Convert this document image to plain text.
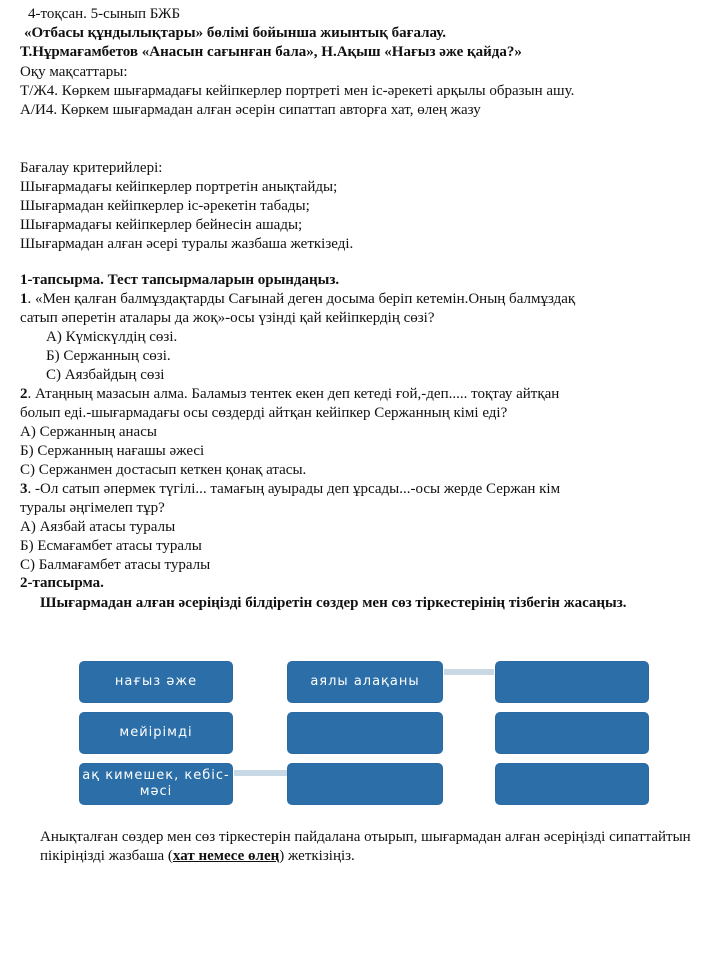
4-тоқсан. 5-сынып БЖБ
«Отбасы құндылықтары» бөлімі бойынша жиынтық бағалау.
Т.Нұрмағамбетов «Анасын сағынған бала», Н.Ақыш «Нағыз әже қайда?»
Оқу мақсаттары:
Т/Ж4. Көркем шығармадағы кейіпкерлер портреті мен іс-әрекеті арқылы образын ашу.
А/И4. Көркем шығармадан алған әсерін сипаттап авторға хат, өлең жазу
Бағалау критерийлері:
Шығармадағы кейіпкерлер портретін анықтайды;
Шығармадан кейіпкерлер іс-әрекетін табады;
Шығармадағы кейіпкерлер бейнесін ашады;
Шығармадан алған әсері туралы жазбаша жеткізеді.
1-тапсырма. Тест тапсырмаларын орындаңыз.
1. «Мен қалған балмұздақтарды Сағынай деген досыма беріп кетемін.Оның балмұздақ
сатып әперетін аталары да жоқ»-осы үзінді қай кейіпкердің сөзі?
А) Күміскүлдің сөзі.
Б) Сержанның сөзі.
С) Аязбайдың сөзі
2. Атаңның мазасын алма. Баламыз тентек екен деп кетеді ғой,-деп..... тоқтау айтқан
болып еді.-шығармадағы осы сөздерді айтқан кейіпкер Сержанның кімі еді?
А) Сержанның анасы
Б) Сержанның нағашы әжесі
С) Сержанмен достасып кеткен қонақ атасы.
3. -Ол сатып әпермек түгілі... тамағың ауырады деп ұрсады...-осы жерде Сержан кім
туралы әңгімелеп тұр?
А) Аязбай атасы туралы
Б) Есмағамбет атасы туралы
С) Балмағамбет атасы туралы
2-тапсырма.
Шығармадан алған әсеріңізді білдіретін сөздер мен сөз тіркестерінің тізбегін жасаңыз.
нағыз әже
мейірімді
ақ кимешек, кебіс-мәсі
аялы алақаны
Анықталған сөздер мен сөз тіркестерін пайдалана отырып, шығармадан алған әсеріңізді сипаттайтын пікіріңізді жазбаша (хат немесе өлең) жеткізіңіз.
